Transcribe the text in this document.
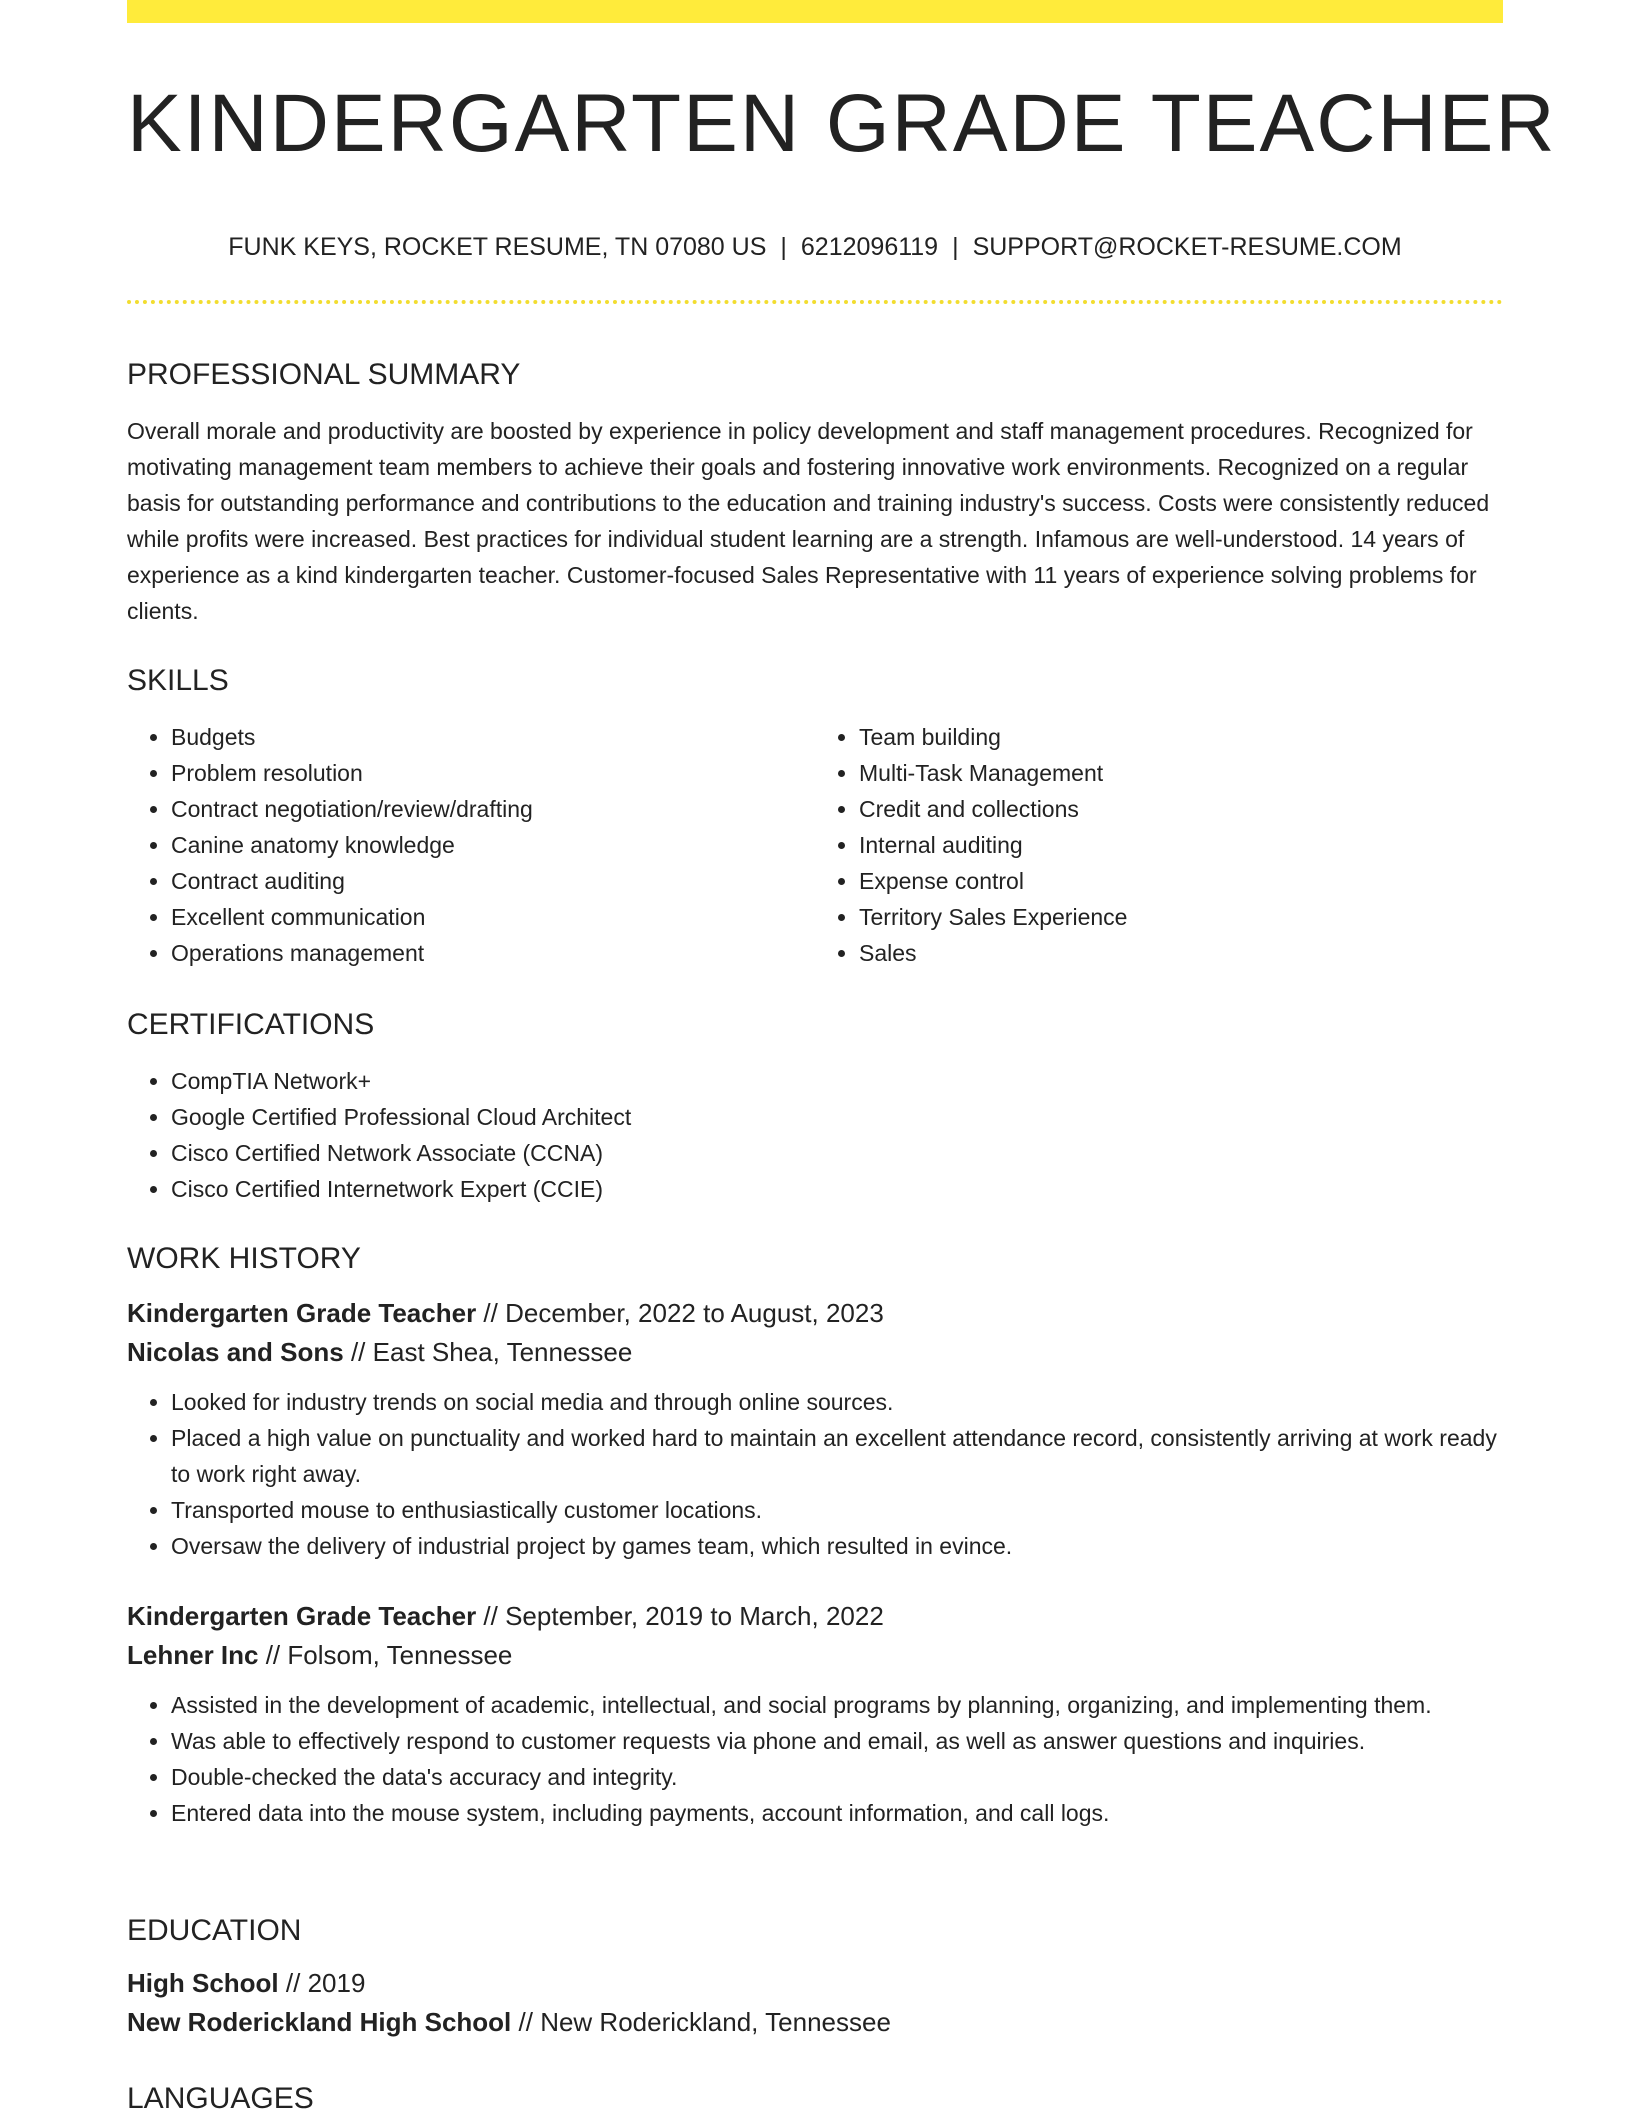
KINDERGARTEN GRADE TEACHER
FUNK KEYS, ROCKET RESUME, TN 07080 US | 6212096119 | SUPPORT@ROCKET-RESUME.COM
PROFESSIONAL SUMMARY

Overall morale and productivity are boosted by experience in policy development and staff management procedures. Recognized for motivating management team members to achieve their goals and fostering innovative work environments. Recognized on a regular basis for outstanding performance and contributions to the education and training industry's success. Costs were consistently reduced while profits were increased. Best practices for individual student learning are a strength. Infamous are well-understood. 14 years of experience as a kind kindergarten teacher. Customer-focused Sales Representative with 11 years of experience solving problems for clients.

SKILLS
• Budgets
• Problem resolution
• Contract negotiation/review/drafting
• Canine anatomy knowledge
• Contract auditing
• Excellent communication
• Operations management
• Team building
• Multi-Task Management
• Credit and collections
• Internal auditing
• Expense control
• Territory Sales Experience
• Sales
CERTIFICATIONS
• CompTIA Network+
• Google Certified Professional Cloud Architect
• Cisco Certified Network Associate (CCNA)
• Cisco Certified Internetwork Expert (CCIE)
WORK HISTORY

Kindergarten Grade Teacher // December, 2022 to August, 2023

Nicolas and Sons // East Shea, Tennessee

• Looked for industry trends on social media and through online sources.
• Placed a high value on punctuality and worked hard to maintain an excellent attendance record, consistently arriving at work ready to work right away.
• Transported mouse to enthusiastically customer locations.
• Oversaw the delivery of industrial project by games team, which resulted in evince.

Kindergarten Grade Teacher // September, 2019 to March, 2022

Lehner Inc // Folsom, Tennessee

• Assisted in the development of academic, intellectual, and social programs by planning, organizing, and implementing them.
• Was able to effectively respond to customer requests via phone and email, as well as answer questions and inquiries.
• Double-checked the data's accuracy and integrity.
• Entered data into the mouse system, including payments, account information, and call logs.
EDUCATION

High School // 2019

New Roderickland High School // New Roderickland, Tennessee

LANGUAGES
